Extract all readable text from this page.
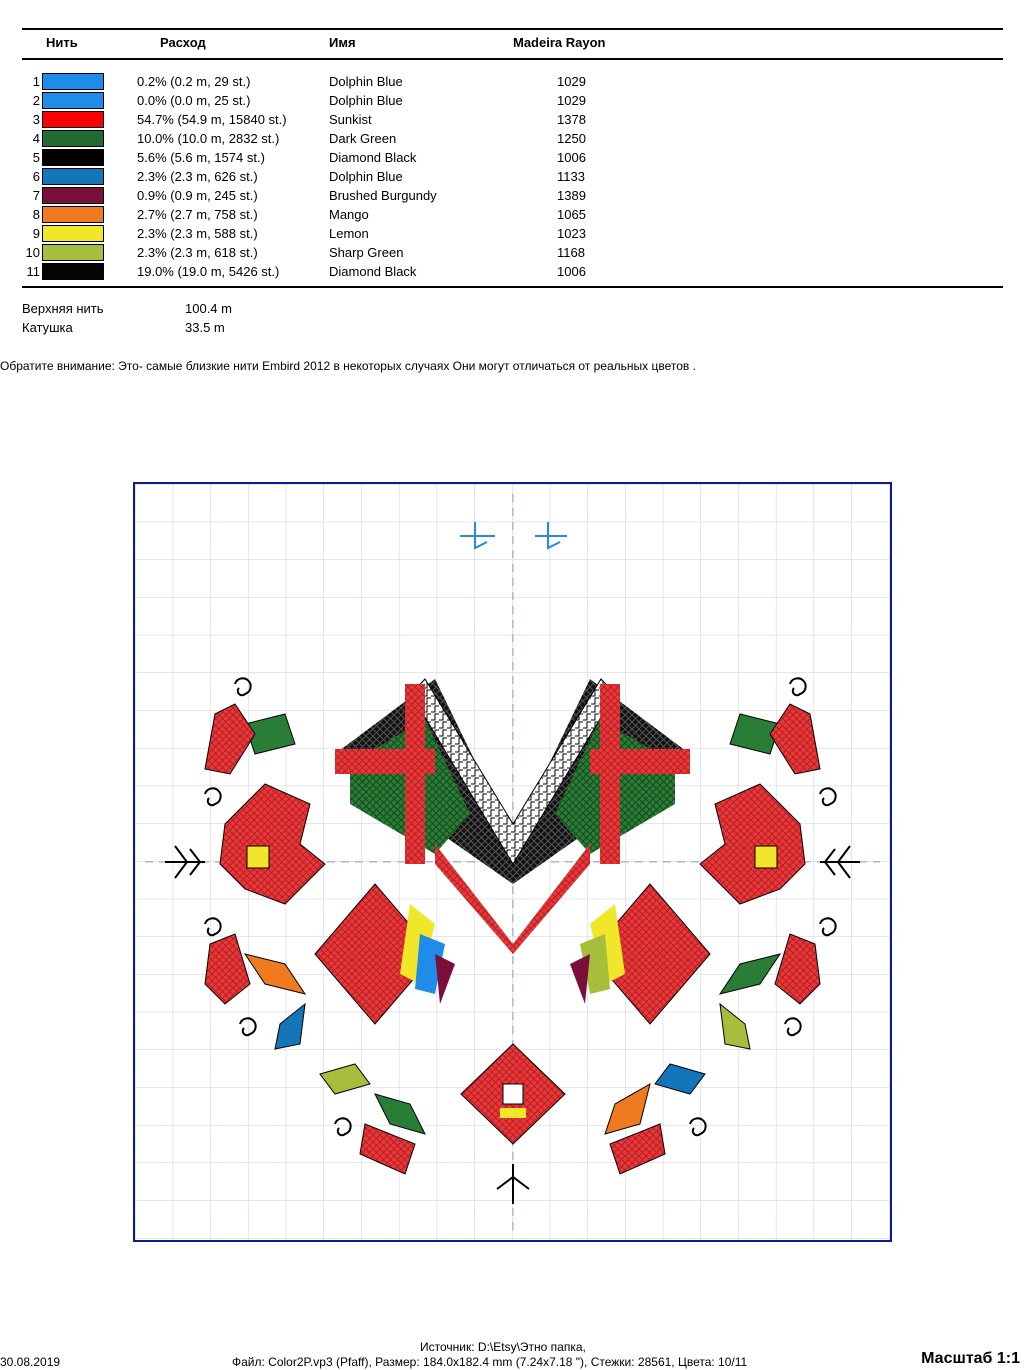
Нить	Расход	Имя	Madeira Rayon
1	0.2% (0.2 m, 29 st.)	Dolphin Blue	1029
2	0.0% (0.0 m, 25 st.)	Dolphin Blue	1029
3	54.7% (54.9 m, 15840 st.)	Sunkist	1378
4	10.0% (10.0 m, 2832 st.)	Dark Green	1250
5	5.6% (5.6 m, 1574 st.)	Diamond Black	1006
6	2.3% (2.3 m, 626 st.)	Dolphin Blue	1133
7	0.9% (0.9 m, 245 st.)	Brushed Burgundy	1389
8	2.7% (2.7 m, 758 st.)	Mango	1065
9	2.3% (2.3 m, 588 st.)	Lemon	1023
10	2.3% (2.3 m, 618 st.)	Sharp Green	1168
11	19.0% (19.0 m, 5426 st.)	Diamond Black	1006
Верхняя нить	100.4 m
Катушка	33.5 m
Обратите внимание: Это- самые близкие нити Embird 2012 в некоторых случаях Они могут отличаться от реальных цветов .
Источник: D:\Etsy\Этно папка,
30.08.2019	Файл: Color2P.vp3 (Pfaff), Размер: 184.0x182.4 mm (7.24x7.18 "), Стежки: 28561, Цвета: 10/11	Масштаб 1:1
